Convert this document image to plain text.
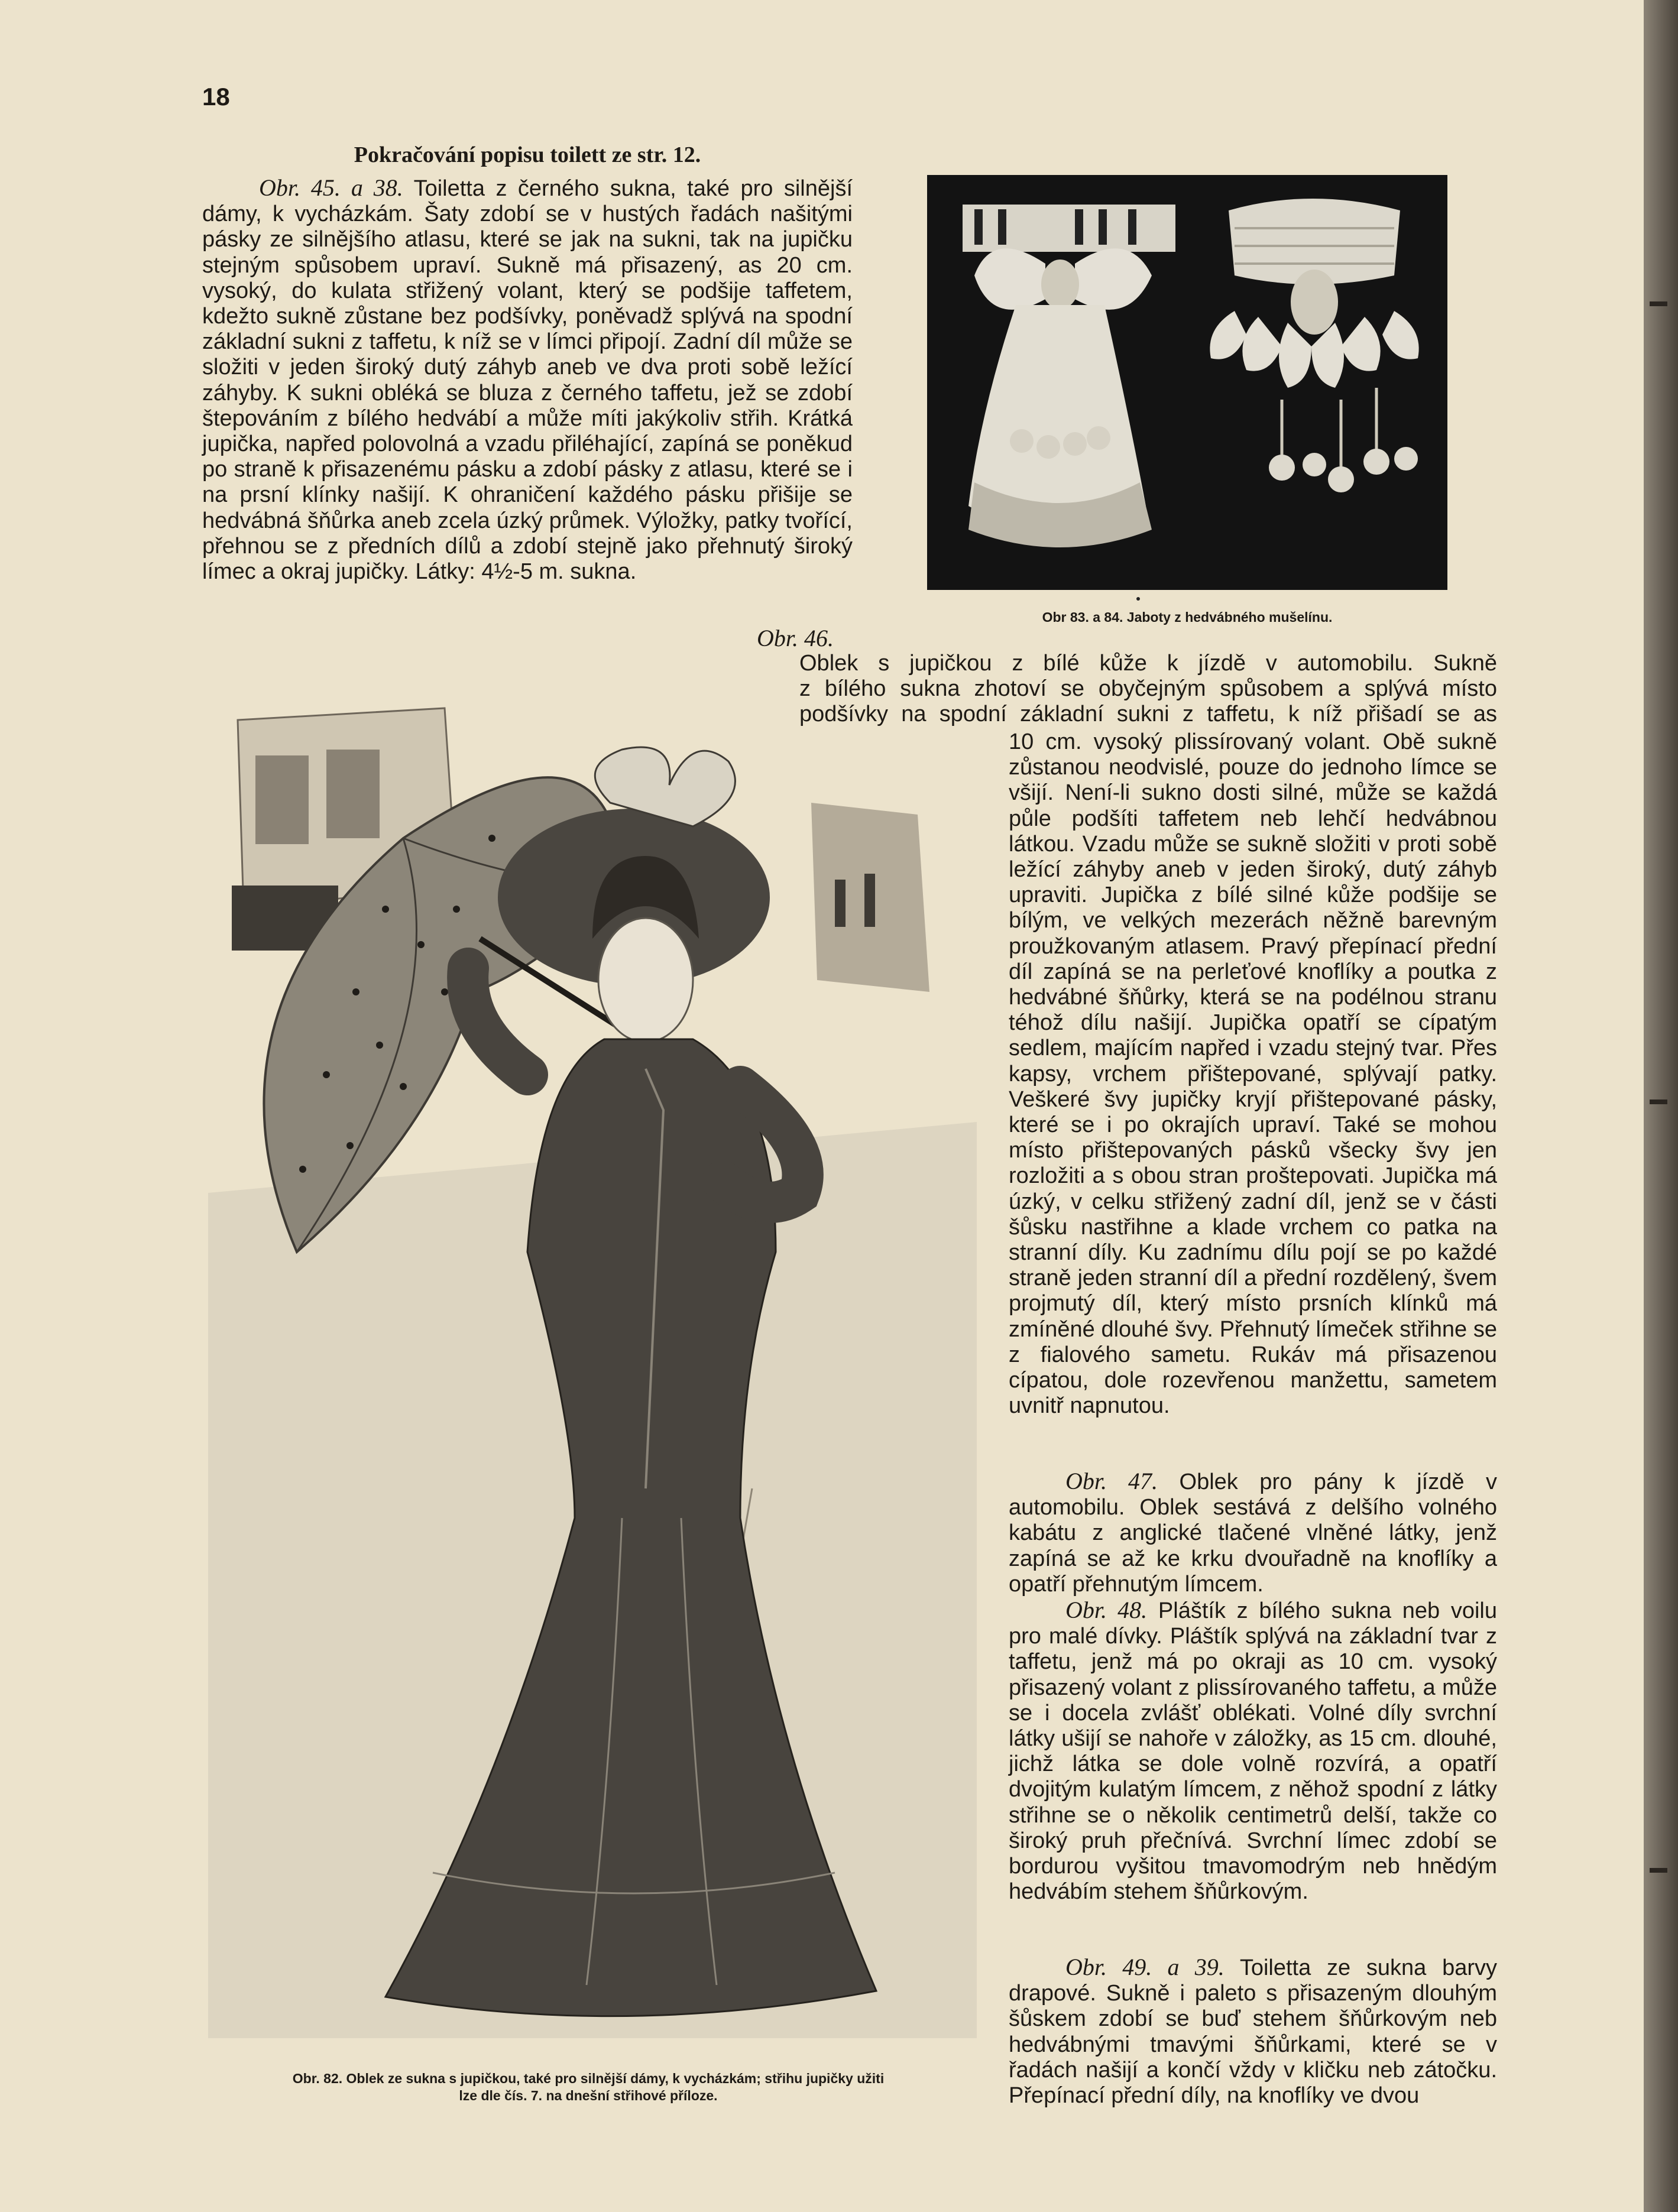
18
Pokračování popisu toilett ze str. 12.

Obr. 45. a 38. Toiletta z černého sukna, také pro silnější dámy, k vycházkám. Šaty zdobí se v hustých řadách našitými pásky ze silnějšího atlasu, které se jak na sukni, tak na jupičku stejným spůsobem upraví. Sukně má přisazený, as 20 cm. vysoký, do kulata střižený volant, který se podšije taffetem, kdežto sukně zůstane bez podšívky, poněvadž splývá na spodní základní sukni z taffetu, k níž se v límci připojí. Zadní díl může se složiti v jeden široký dutý záhyb aneb ve dva proti sobě ležící záhyby. K sukni obléká se bluza z černého taffetu, jež se zdobí štepováním z bílého hedvábí a může míti jakýkoliv střih. Krátká jupička, napřed polovolná a vzadu přiléhající, zapíná se poněkud po straně k přisazenému pásku a zdobí pásky z atlasu, které se i na prsní klínky našijí. K ohraničení každého pásku přišije se hedvábná šňůrka aneb zcela úzký průmek. Výložky, patky tvořící, přehnou se z předních dílů a zdobí stejně jako přehnutý široký límec a okraj jupičky. Látky: 4½-5 m. sukna.

Obr 83. a 84. Jaboty z hedvábného mušelínu.
Obr. 46.
Oblek s jupičkou z bílé kůže k jízdě v automobilu. Sukně
z bílého sukna zhotoví se obyčejným spůsobem a splývá místo
podšívky na spodní základní sukni z taffetu, k níž přišadí se as

10 cm. vysoký plissírovaný volant. Obě sukně zůstanou neodvislé, pouze do jednoho límce se všijí. Není-li sukno dosti silné, může se každá půle podšíti taffetem neb lehčí hedvábnou látkou. Vzadu může se sukně složiti v proti sobě ležící záhyby aneb v jeden široký, dutý záhyb upraviti. Jupička z bílé silné kůže podšije se bílým, ve velkých mezerách něžně barevným proužkovaným atlasem. Pravý přepínací přední díl zapíná se na perleťové knoflíky a poutka z hedvábné šňůrky, která se na podélnou stranu téhož dílu našijí. Jupička opatří se cípatým sedlem, majícím napřed i vzadu stejný tvar. Přes kapsy, vrchem přištepované, splývají patky. Veškeré švy jupičky kryjí přištepované pásky, které se i po okrajích upraví. Také se mohou místo přištepovaných pásků všecky švy jen rozložiti a s obou stran proštepovati. Jupička má úzký, v celku střižený zadní díl, jenž se v části šůsku nastřihne a klade vrchem co patka na stranní díly. Ku zadnímu dílu pojí se po každé straně jeden stranní díl a přední rozdělený, švem projmutý díl, který místo prsních klínků má zmíněné dlouhé švy. Přehnutý límeček střihne se z fialového sametu. Rukáv má přisazenou cípatou, dole rozevřenou manžettu, sametem uvnitř napnutou.

Obr. 47. Oblek pro pány k jízdě v automobilu. Oblek sestává z delšího volného kabátu z anglické tlačené vlněné látky, jenž zapíná se až ke krku dvouřadně na knoflíky a opatří přehnutým límcem.

Obr. 48. Pláštík z bílého sukna neb voilu pro malé dívky. Pláštík splývá na základní tvar z taffetu, jenž má po okraji as 10 cm. vysoký přisazený volant z plissírovaného taffetu, a může se i docela zvlášť oblékati. Volné díly svrchní látky ušijí se nahoře v záložky, as 15 cm. dlouhé, jichž látka se dole volně rozvírá, a opatří dvojitým kulatým límcem, z něhož spodní z látky střihne se o několik centimetrů delší, takže co široký pruh přečnívá. Svrchní límec zdobí se bordurou vyšitou tmavomodrým neb hnědým hedvábím stehem šňůrkovým.

Obr. 49. a 39. Toiletta ze sukna barvy drapové. Sukně i paleto s přisazeným dlouhým šůskem zdobí se buď stehem šňůrkovým neb hedvábnými tmavými šňůrkami, které se v řadách našijí a končí vždy v kličku neb zátočku. Přepínací přední díly, na knoflíky ve dvou

Obr. 82. Oblek ze sukna s jupičkou, také pro silnější dámy, k vycházkám; střihu jupičky užiti
lze dle čís. 7. na dnešní střihové příloze.
